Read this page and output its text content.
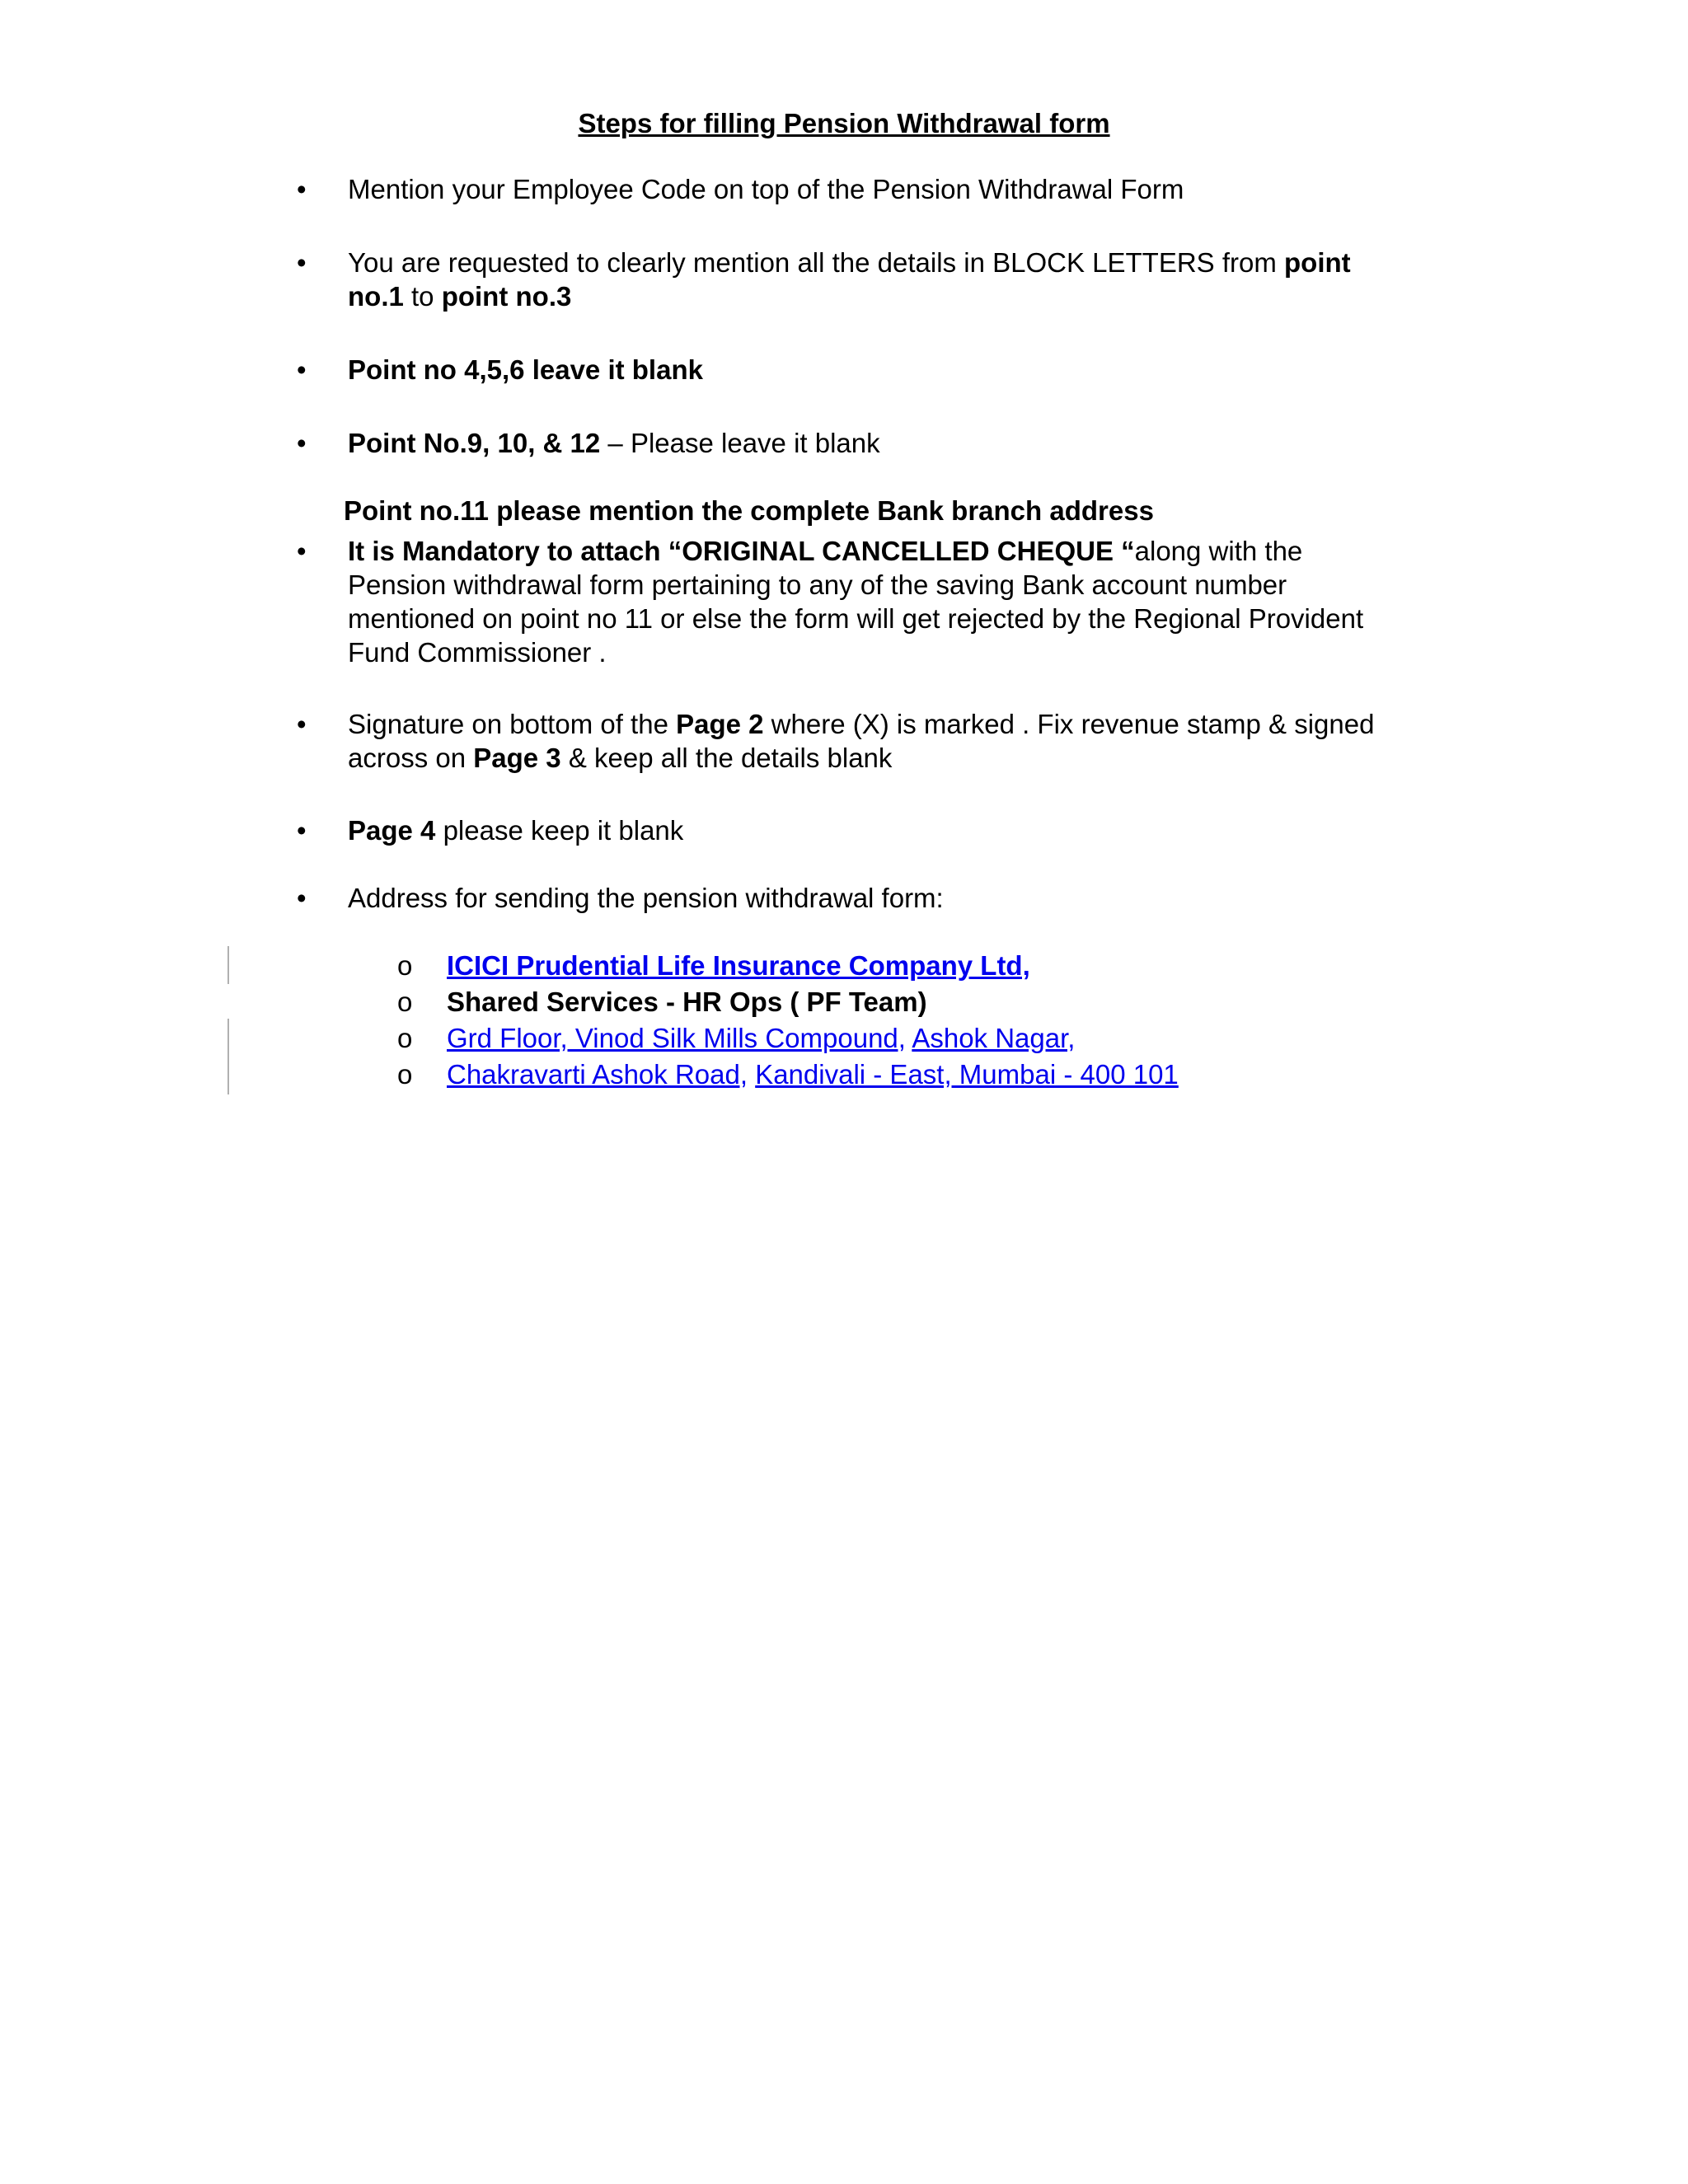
Steps for filling Pension Withdrawal form
• Mention your Employee Code on top of the Pension Withdrawal Form
• You are requested to clearly mention all the details in BLOCK LETTERS from point
no.1 to point no.3
• Point no 4,5,6 leave it blank
• Point No.9, 10, & 12 – Please leave it blank
Point no.11 please mention the complete Bank branch address
• It is Mandatory to attach “ORIGINAL CANCELLED CHEQUE “along with the
Pension withdrawal form pertaining to any of the saving Bank account number
mentioned on point no 11 or else the form will get rejected by the Regional Provident
Fund Commissioner .
• Signature on bottom of the Page 2 where (X) is marked . Fix revenue stamp & signed
across on Page 3 & keep all the details blank
• Page 4 please keep it blank
• Address for sending the pension withdrawal form:
o ICICI Prudential Life Insurance Company Ltd,
o Shared Services - HR Ops ( PF Team)
o Grd Floor, Vinod Silk Mills Compound, Ashok Nagar,
o Chakravarti Ashok Road, Kandivali - East, Mumbai - 400 101
